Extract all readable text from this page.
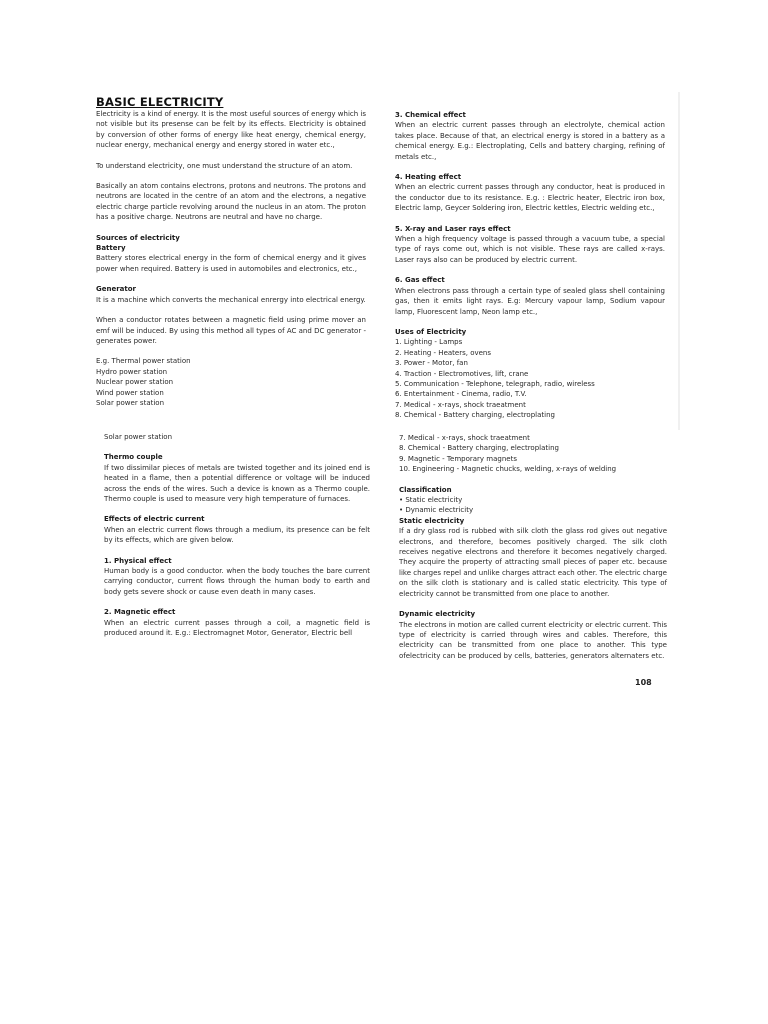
BASIC ELECTRICITY

Electricity is a kind of energy. It is the most useful sources of energy which is not visible but its presense can be felt by its effects. Electricity is obtained by conversion of other forms of energy like heat energy, chemical energy, nuclear energy, mechanical energy and energy stored in water etc.,

To understand electricity, one must understand the structure of an atom.

Basically an atom contains electrons, protons and neutrons. The protons and neutrons are located in the centre of an atom and the electrons, a negative electric charge particle revolving around the nucleus in an atom. The proton has a positive charge. Neutrons are neutral and have no charge.

Sources of electricity

Battery

Battery stores electrical energy in the form of chemical energy and it gives power when required. Battery is used in automobiles and electronics, etc.,

Generator

It is a machine which converts the mechanical enrergy into electrical energy.

When a conductor rotates between a magnetic field using prime mover an emf will be induced. By using this method all types of AC and DC generator - generates power.

E.g. Thermal power station
Hydro power station
Nuclear power station
Wind power station
Solar power station

Solar power station

Thermo couple

If two dissimilar pieces of metals are twisted together and its joined end is heated in a flame, then a potential difference or voltage will be induced across the ends of the wires. Such a device is known as a Thermo couple. Thermo couple is used to measure very high temperature of furnaces.

Effects of electric current

When an electric current flows through a medium, its presence can be felt by its effects, which are given below.

1. Physical effect

Human body is a good conductor. when the body touches the bare current carrying conductor, current flows through the human body to earth and body gets severe shock or cause even death in many cases.

2. Magnetic effect

When an electric current passes through a coil, a magnetic field is produced around it. E.g.: Electromagnet Motor, Generator, Electric bell

3. Chemical effect

When an electric current passes through an electrolyte, chemical action takes place. Because of that, an electrical energy is stored in a battery as a chemical energy. E.g.: Electroplating, Cells and battery charging, refining of metals etc.,

4. Heating effect

When an electric current passes through any conductor, heat is produced in the conductor due to its resistance. E.g. : Electric heater, Electric iron box, Electric lamp, Geycer Soldering iron, Electric kettles, Electric welding etc.,

5. X-ray and Laser rays effect

When a high frequency voltage is passed through a vacuum tube, a special type of rays come out, which is not visible. These rays are called x-rays. Laser rays also can be produced by electric current.

6. Gas effect

When electrons pass through a certain type of sealed glass shell containing gas, then it emits light rays. E.g: Mercury vapour lamp, Sodium vapour lamp, Fluorescent lamp, Neon lamp etc.,

Uses of Electricity

1. Lighting - Lamps
2. Heating - Heaters, ovens
3. Power - Motor, fan
4. Traction - Electromotives, lift, crane
5. Communication - Telephone, telegraph, radio, wireless
6. Entertainment - Cinema, radio, T.V.
7. Medical - x-rays, shock traeatment
8. Chemical - Battery charging, electroplating
7. Medical - x-rays, shock traeatment
8. Chemical - Battery charging, electroplating
9. Magnetic - Temporary magnets
10. Engineering - Magnetic chucks, welding, x-rays of welding

Classification

• Static electricity
• Dynamic electricity

Static electricity

If a dry glass rod is rubbed with silk cloth the glass rod gives out negative electrons, and therefore, becomes positively charged. The silk cloth receives negative electrons and therefore it becomes negatively charged. They acquire the property of attracting small pieces of paper etc. because like charges repel and unlike charges attract each other. The electric charge on the silk cloth is stationary and is called static electricity. This type of electricity cannot be transmitted from one place to another.

Dynamic electricity

The electrons in motion are called current electricity or electric current. This type of electricity is carried through wires and cables. Therefore, this electricity can be transmitted from one place to another. This type ofelectricity can be produced by cells, batteries, generators alternaters etc.

108
